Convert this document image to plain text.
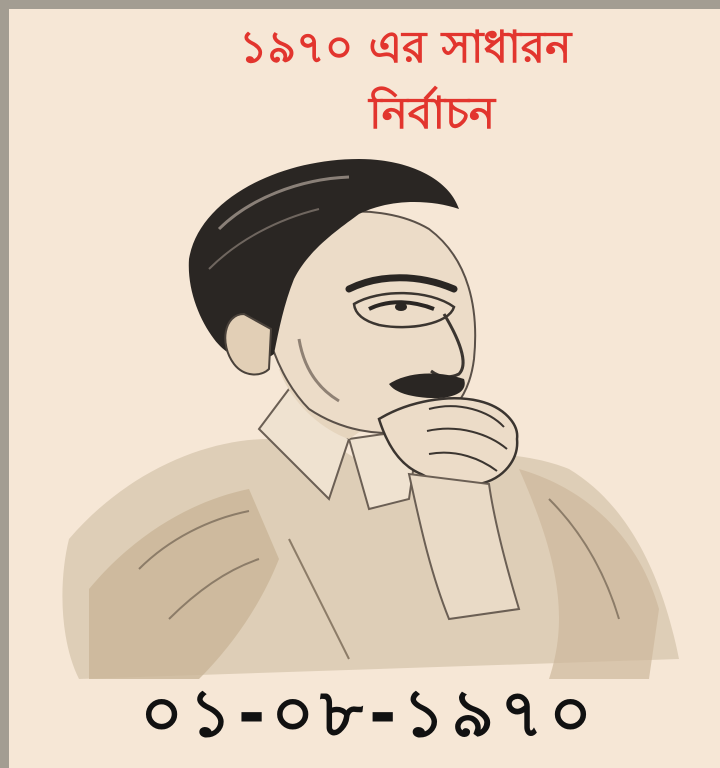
১৯৭০ এর সাধারন
নির্বাচন
০১-০৮-১৯৭০
